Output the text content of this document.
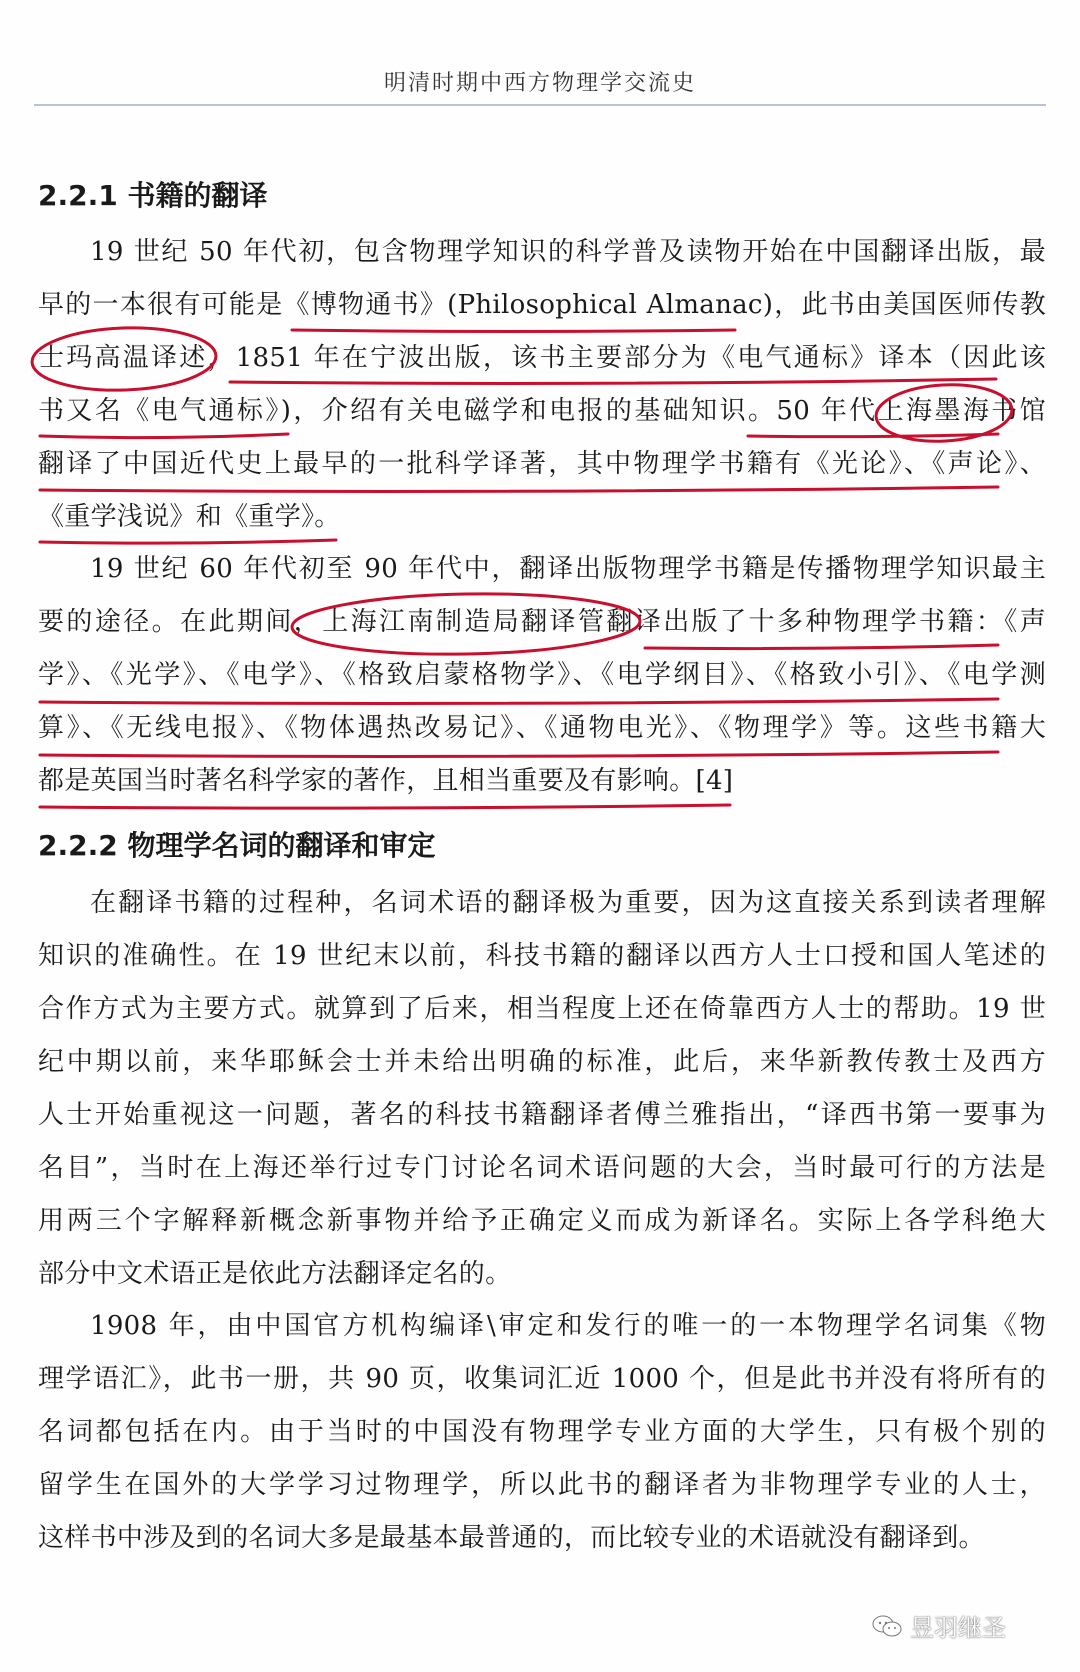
明清时期中西方物理学交流史
2.2.1 书籍的翻译
19 世纪 50 年代初，包含物理学知识的科学普及读物开始在中国翻译出版，最
早的一本很有可能是《博物通书》(Philosophical Almanac)，此书由美国医师传教
士玛高温译述，1851 年在宁波出版，该书主要部分为《电气通标》译本（因此该
书又名《电气通标》)，介绍有关电磁学和电报的基础知识。50 年代上海墨海书馆
翻译了中国近代史上最早的一批科学译著，其中物理学书籍有《光论》、《声论》、
《重学浅说》和《重学》。
19 世纪 60 年代初至 90 年代中，翻译出版物理学书籍是传播物理学知识最主
要的途径。在此期间，上海江南制造局翻译管翻译出版了十多种物理学书籍：《声
学》、《光学》、《电学》、《格致启蒙格物学》、《电学纲目》、《格致小引》、《电学测
算》、《无线电报》、《物体遇热改易记》、《通物电光》、《物理学》等。这些书籍大
都是英国当时著名科学家的著作，且相当重要及有影响。[4]
2.2.2 物理学名词的翻译和审定
在翻译书籍的过程种，名词术语的翻译极为重要，因为这直接关系到读者理解
知识的准确性。在 19 世纪末以前，科技书籍的翻译以西方人士口授和国人笔述的
合作方式为主要方式。就算到了后来，相当程度上还在倚靠西方人士的帮助。19 世
纪中期以前，来华耶稣会士并未给出明确的标准，此后，来华新教传教士及西方
人士开始重视这一问题，著名的科技书籍翻译者傅兰雅指出，“译西书第一要事为
名目”，当时在上海还举行过专门讨论名词术语问题的大会，当时最可行的方法是
用两三个字解释新概念新事物并给予正确定义而成为新译名。实际上各学科绝大
部分中文术语正是依此方法翻译定名的。
1908 年，由中国官方机构编译\审定和发行的唯一的一本物理学名词集《物
理学语汇》，此书一册，共 90 页，收集词汇近 1000 个，但是此书并没有将所有的
名词都包括在内。由于当时的中国没有物理学专业方面的大学生，只有极个别的
留学生在国外的大学学习过物理学，所以此书的翻译者为非物理学专业的人士，
这样书中涉及到的名词大多是最基本最普通的，而比较专业的术语就没有翻译到。
昱羽继圣
